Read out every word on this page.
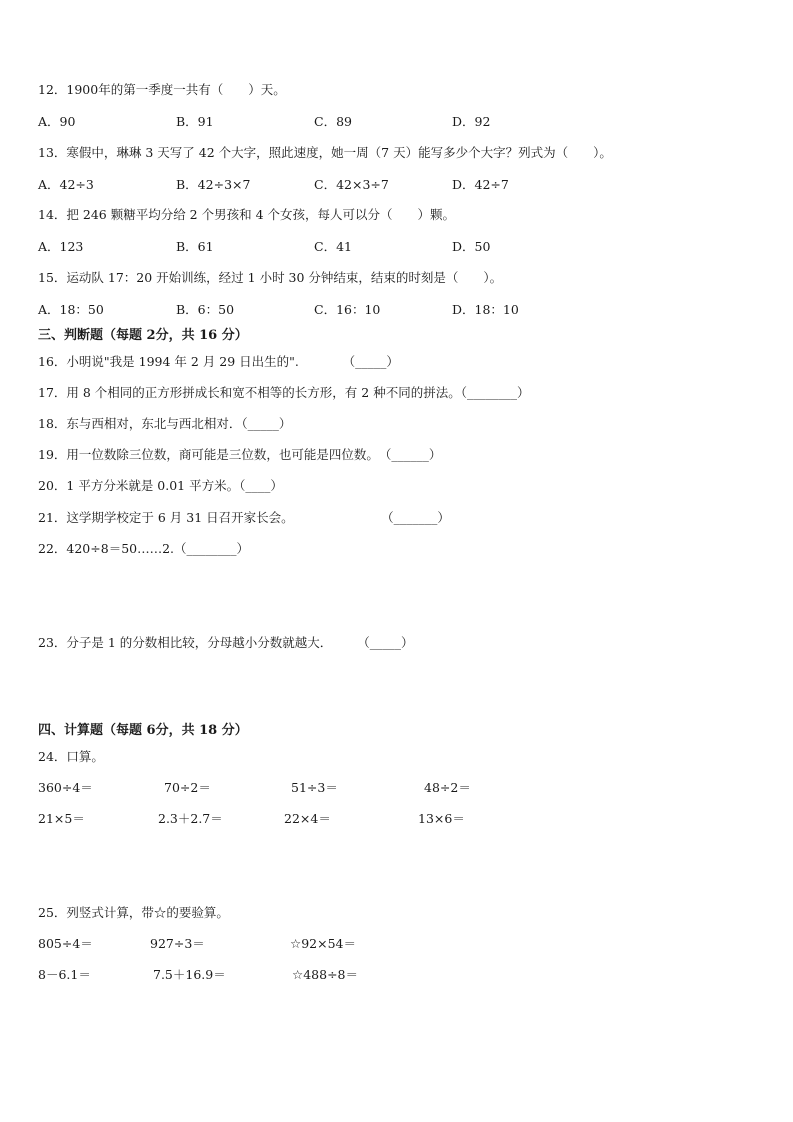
12．1900年的第一季度一共有（　　）天。
A．90	B．91	C．89	D．92
13．寒假中，琳琳 3 天写了 42 个大字，照此速度，她一周（7 天）能写多少个大字？列式为（　　）。
A．42÷3	B．42÷3×7	C．42×3÷7	D．42÷7
14．把 246 颗糖平均分给 2 个男孩和 4 个女孩，每人可以分（　　）颗。
A．123	B．61	C．41	D．50
15．运动队 17：20 开始训练，经过 1 小时 30 分钟结束，结束的时刻是（　　）。
A．18：50	B．6：50	C．16：10	D．18：10
三、判断题（每题 2分，共 16 分）
16．小明说"我是 1994 年 2 月 29 日出生的".　　　　（_____）
17．用 8 个相同的正方形拼成长和宽不相等的长方形，有 2 种不同的拼法。（________）
18．东与西相对，东北与西北相对．（_____）
19．用一位数除三位数，商可能是三位数，也可能是四位数。　（______）
20．1 平方分米就是 0.01 平方米。（____）
21．这学期学校定于 6 月 31 日召开家长会。　　　　　　　　（_______）
22．420÷8＝50……2.（________）
23．分子是 1 的分数相比较，分母越小分数就越大．　　　（_____）
四、计算题（每题 6分，共 18 分）
24．口算。
360÷4＝	70÷2＝	51÷3＝	48÷2＝
21×5＝	2.3＋2.7＝	22×4＝	13×6＝
25．列竖式计算，带☆的要验算。
805÷4＝	927÷3＝	☆92×54＝
8－6.1＝	7.5＋16.9＝	☆488÷8＝
